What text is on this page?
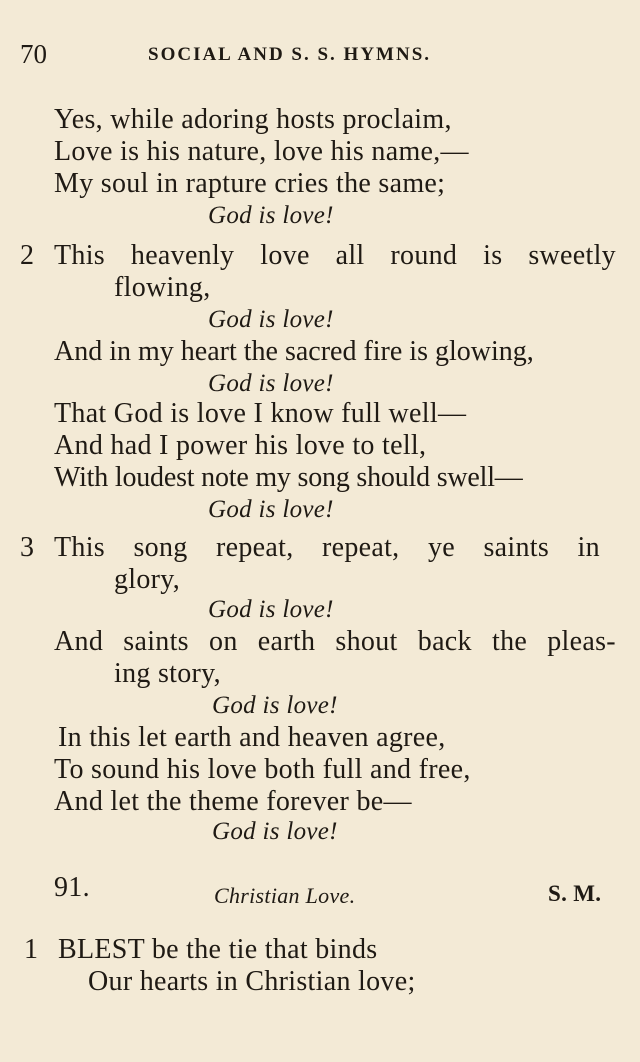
70	SOCIAL AND S. S. HYMNS.
Yes, while adoring hosts proclaim,
Love is his nature, love his name,—
My soul in rapture cries the same;
God is love!
2 This heavenly love all round is sweetly
flowing,
God is love!
And in my heart the sacred fire is glowing,
God is love!
That God is love I know full well—
And had I power his love to tell,
With loudest note my song should swell—
God is love!
3 This song repeat, repeat, ye saints in
glory,
God is love!
And saints on earth shout back the pleas-
ing story,
God is love!
In this let earth and heaven agree,
To sound his love both full and free,
And let the theme forever be—
God is love!
91.	Christian Love.	S. M.
1 BLEST be the tie that binds
Our hearts in Christian love;
